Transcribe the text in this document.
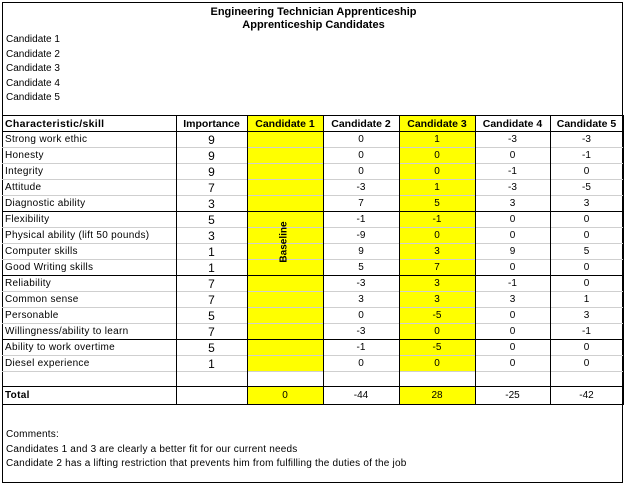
Engineering Technician Apprenticeship
Apprenticeship Candidates
Candidate 1
Candidate 2
Candidate 3
Candidate 4
Candidate 5
Characteristic/skill	Importance	Candidate 1	Candidate 2	Candidate 3	Candidate 4	Candidate 5
Strong work ethic	9		0	1	-3	-3
Honesty	9		0	0	0	-1
Integrity	9		0	0	-1	0
Attitude	7		-3	1	-3	-5
Diagnostic ability	3		7	5	3	3
Flexibility	5		-1	-1	0	0
Physical ability (lift 50 pounds)	3		-9	0	0	0
Computer skills	1		9	3	9	5
Good Writing skills	1		5	7	0	0
Reliability	7		-3	3	-1	0
Common sense	7		3	3	3	1
Personable	5		0	-5	0	3
Willingness/ability to learn	7		-3	0	0	-1
Ability to work overtime	5		-1	-5	0	0
Diesel experience	1		0	0	0	0

Total		0	-44	28	-25	-42
Baseline
Comments:
Candidates 1 and 3 are clearly a better fit for our current needs
Candidate 2 has a lifting restriction that prevents him from fulfilling the duties of the job
